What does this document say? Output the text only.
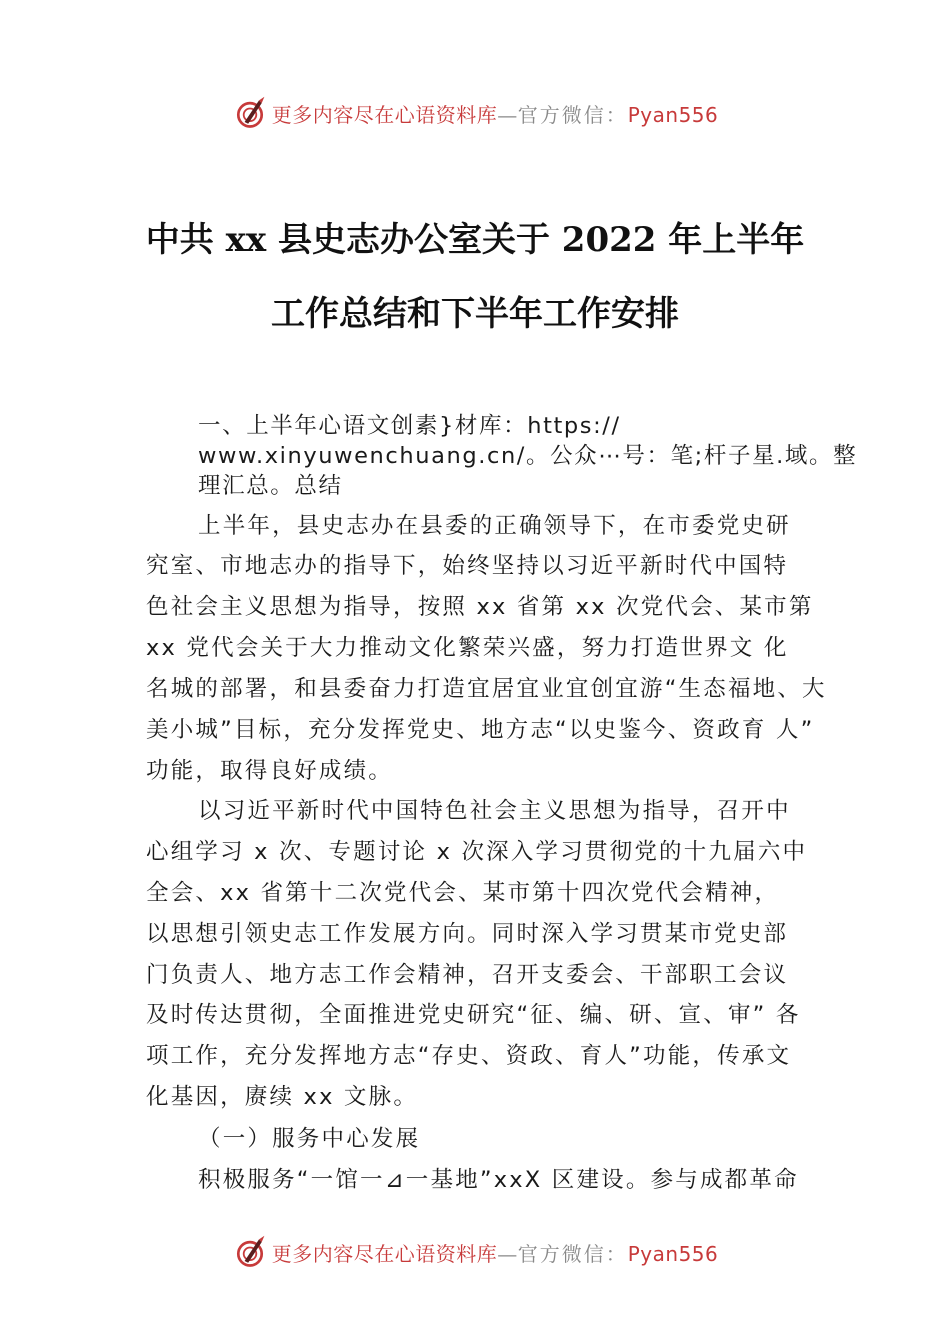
更多内容尽在心语资料库—官方微信：Pyan556
中共 xx 县史志办公室关于 2022 年上半年
工作总结和下半年工作安排
一、上半年心语文创素}材库：https://
www.xinyuwenchuang.cn/。公众⋯号：笔;杆子星.域。整
理汇总。总结
上半年，县史志办在县委的正确领导下，在市委党史研
究室、市地志办的指导下，始终坚持以习近平新时代中国特
色社会主义思想为指导，按照 xx 省第 xx 次党代会、某市第
xx 党代会关于大力推动文化繁荣兴盛，努力打造世界文 化
名城的部署，和县委奋力打造宜居宜业宜创宜游“生态福地、大
美小城”目标，充分发挥党史、地方志“以史鉴今、资政育 人”
功能，取得良好成绩。
以习近平新时代中国特色社会主义思想为指导，召开中
心组学习 x 次、专题讨论 x 次深入学习贯彻党的十九届六中
全会、xx 省第十二次党代会、某市第十四次党代会精神，
以思想引领史志工作发展方向。同时深入学习贯某市党史部
门负责人、地方志工作会精神，召开支委会、干部职工会议
及时传达贯彻，全面推进党史研究“征、编、研、宣、审” 各
项工作，充分发挥地方志“存史、资政、育人”功能，传承文
化基因，赓续 xx 文脉。
（一）服务中心发展
积极服务“一馆一⊿一基地”xxX 区建设。参与成都革命
更多内容尽在心语资料库—官方微信：Pyan556
